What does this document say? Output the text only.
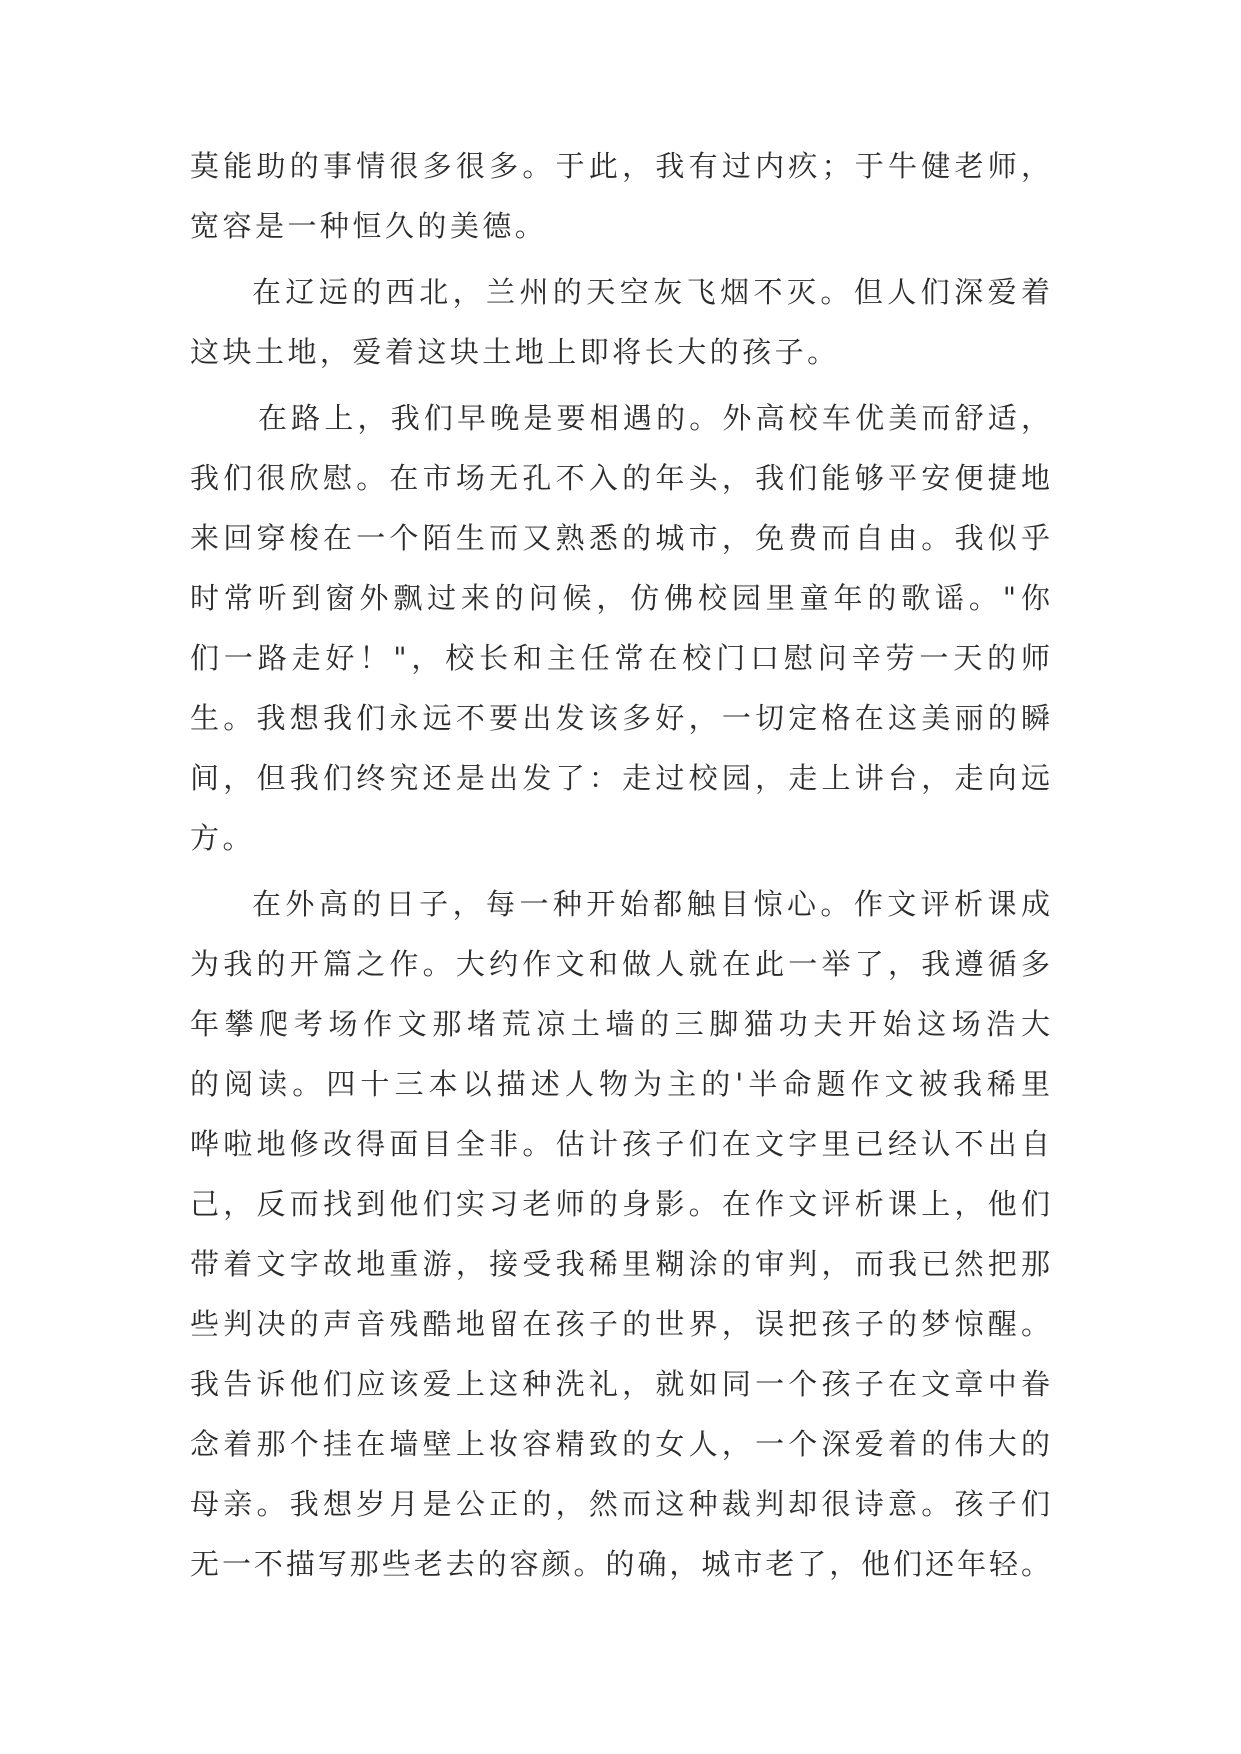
莫能助的事情很多很多。于此，我有过内疚；于牛健老师，
宽容是一种恒久的美德。
在辽远的西北，兰州的天空灰飞烟不灭。但人们深爱着
这块土地，爱着这块土地上即将长大的孩子。
在路上，我们早晚是要相遇的。外高校车优美而舒适，
我们很欣慰。在市场无孔不入的年头，我们能够平安便捷地
来回穿梭在一个陌生而又熟悉的城市，免费而自由。我似乎
时常听到窗外飘过来的问候，仿佛校园里童年的歌谣。"你
们一路走好！"，校长和主任常在校门口慰问辛劳一天的师
生。我想我们永远不要出发该多好，一切定格在这美丽的瞬
间，但我们终究还是出发了：走过校园，走上讲台，走向远
方。
在外高的日子，每一种开始都触目惊心。作文评析课成
为我的开篇之作。大约作文和做人就在此一举了，我遵循多
年攀爬考场作文那堵荒凉土墙的三脚猫功夫开始这场浩大
的阅读。四十三本以描述人物为主的'半命题作文被我稀里
哗啦地修改得面目全非。估计孩子们在文字里已经认不出自
己，反而找到他们实习老师的身影。在作文评析课上，他们
带着文字故地重游，接受我稀里糊涂的审判，而我已然把那
些判决的声音残酷地留在孩子的世界，误把孩子的梦惊醒。
我告诉他们应该爱上这种洗礼，就如同一个孩子在文章中眷
念着那个挂在墙壁上妆容精致的女人，一个深爱着的伟大的
母亲。我想岁月是公正的，然而这种裁判却很诗意。孩子们
无一不描写那些老去的容颜。的确，城市老了，他们还年轻。
